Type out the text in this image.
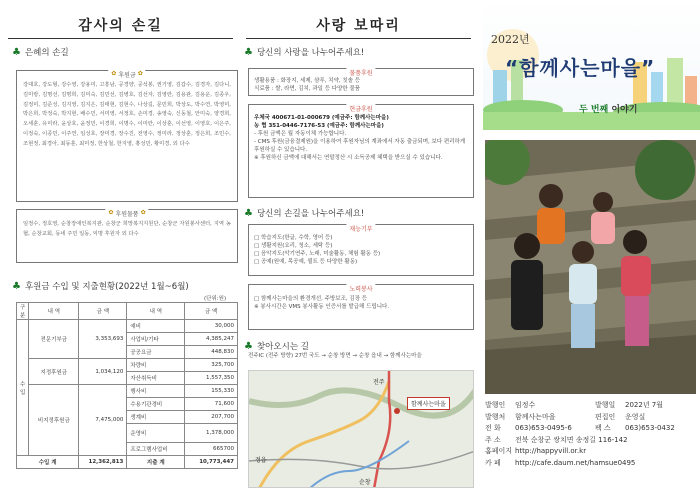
감사의 손길
♣ 은혜의 손길
✿ 후원금 ✿
강대호, 강도형, 강수영, 강용미, 고흥남, 공경양, 공석봉, 권기영, 김갑수, 김경자, 김다니, 김미랑, 김명선, 김명희, 김미숙, 김민선, 김병호, 김선자, 김영란, 김용관, 김용운, 김종우, 김정미, 김준성, 김지영, 김지은, 김태현, 김현수, 나상길, 문민희, 박상도, 박수연, 박영미, 박은희, 박정숙, 박지현, 배수민, 서미영, 서정호, 손미경, 송영숙, 신동철, 안미숙, 양경희, 오세훈, 유미라, 윤상호, 윤정민, 이경희, 이명수, 이미란, 이상훈, 이선영, 이영호, 이은주, 이정숙, 이종민, 이주연, 임성호, 장미경, 장수진, 전영수, 정미라, 정상훈, 정은희, 조민수, 조현정, 최경아, 최동훈, 최미정, 한상철, 한지영, 홍성민, 황미경, 외 다수
✿ 후원물품 ✿
임정수, 정호영, 순창장애인복지관, 순창군 희망복지지원단, 순창군 자원봉사센터, 지역 농협, 순창교회, 동네 주민 일동, 익명 후원자 외 다수
♣ 후원금 수입 및 지출현황(2022년 1월~6월)
(단위:원)
구분	내 역	금 액	내 역	금 액
수입	전문기부금	3,353,693	예비	30,000
			사업비/기타	4,385,247
			공공요금	448,830
	지정후원금	1,034,120	차량비	325,700
			자산취득비	1,557,350
	비지정후원금	7,475,000	행사비	155,330
			수용기관경비	71,600
			생계비	207,700
			운영비	1,378,000
			프로그램사업비	665700
수입 계		12,362,813	지출 계	10,773,447
사랑 보따리
♣ 당신의 사랑을 나누어주세요!
물품후원
생활용품 : 화장지, 세제, 샴푸, 치약, 칫솔 등
식료품 : 쌀, 라면, 김치, 과일 등 다양한 물품
현금후원
우체국 400671-01-000679 (예금주: 함께사는마을)
농 협 351-0446-7176-53 (예금주: 함께사는마을)
- 후원 금액은 월 자동이체 가능합니다.
- CMS 후원(금융결제원)을 이용하여 후원자님의 계좌에서 자동 출금되며, 보다 편리하게 후원하실 수 있습니다.
※ 후원하신 금액에 대해서는 연말정산 시 소득공제 혜택을 받으실 수 있습니다.
♣ 당신의 손길을 나누어주세요!
재능기부
□ 학습지도(한글, 수학, 영어 등)
□ 생활지원(요리, 청소, 세탁 등)
□ 음악지도(악기연주, 노래, 미술활동, 체험 활동 등)
□ 공예(원예, 목공예, 퀼트 등 다양한 활동)
노력봉사
□ 함께사는마을의 환경개선, 주방보조, 김장 등
※ 봉사시간은 VMS 봉사활동 인증서를 발급해 드립니다.
♣ 찾아오시는 길
전주IC (전주 방향) 27번 국도 → 순창 방면 → 순창 읍내 → 함께사는마을
전주
함께사는마을
정읍
순창
2022년
“함께사는마을”
두 번째 이야기
발행인	임정수	발행일	2022년 7월
발행처	함께사는마을	편집인	운영실
전 화	063)653-0495-6	팩 스	063)653-0432
주 소	전북 순창군 쌍치면 송정길 116-142
홈페이지 http://happyvill.or.kr
카 페	http://cafe.daum.net/hamsue0495
